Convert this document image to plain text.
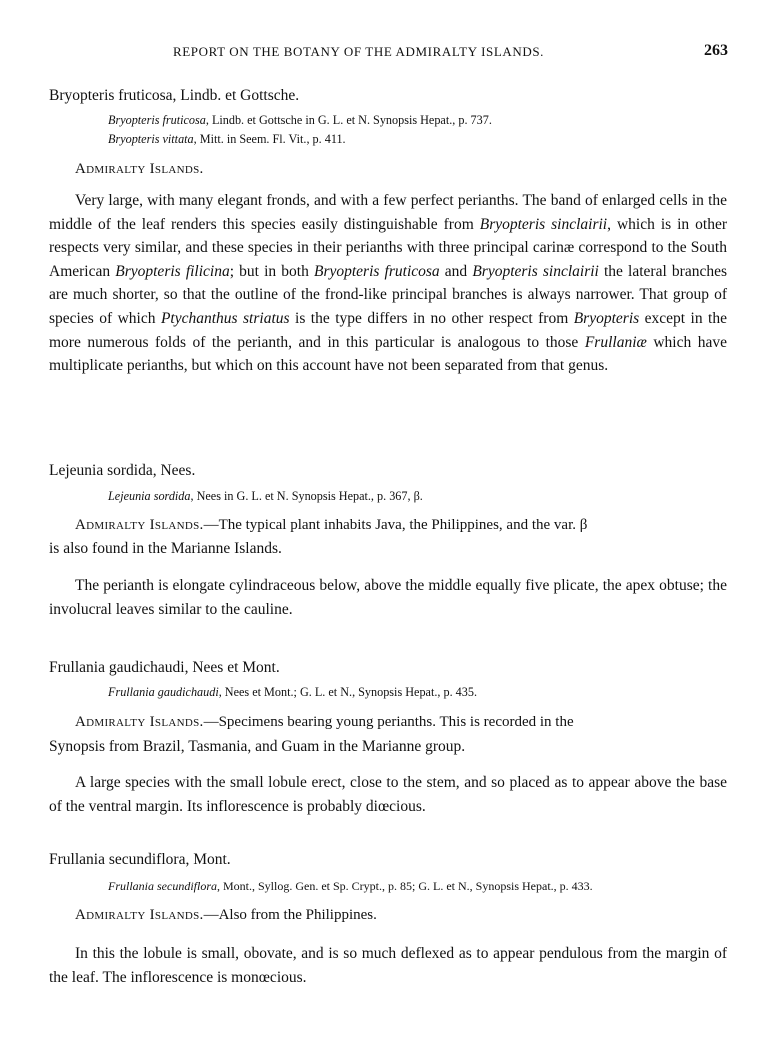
REPORT ON THE BOTANY OF THE ADMIRALTY ISLANDS.	263
Bryopteris fruticosa, Lindb. et Gottsche.
Bryopteris fruticosa, Lindb. et Gottsche in G. L. et N. Synopsis Hepat., p. 737.
Bryopteris vittata, Mitt. in Seem. Fl. Vit., p. 411.
Admiralty Islands.

Very large, with many elegant fronds, and with a few perfect perianths. The band of enlarged cells in the middle of the leaf renders this species easily distinguishable from Bryopteris sinclairii, which is in other respects very similar, and these species in their perianths with three principal carinæ correspond to the South American Bryopteris filicina; but in both Bryopteris fruticosa and Bryopteris sinclairii the lateral branches are much shorter, so that the outline of the frond-like principal branches is always narrower. That group of species of which Ptychanthus striatus is the type differs in no other respect from Bryopteris except in the more numerous folds of the perianth, and in this particular is analogous to those Frullaniæ which have multiplicate perianths, but which on this account have not been separated from that genus.

Lejeunia sordida, Nees.
Lejeunia sordida, Nees in G. L. et N. Synopsis Hepat., p. 367, β.
Admiralty Islands.—The typical plant inhabits Java, the Philippines, and the var. β
is also found in the Marianne Islands.

The perianth is elongate cylindraceous below, above the middle equally five plicate, the apex obtuse; the involucral leaves similar to the cauline.

Frullania gaudichaudi, Nees et Mont.
Frullania gaudichaudi, Nees et Mont.; G. L. et N., Synopsis Hepat., p. 435.
Admiralty Islands.—Specimens bearing young perianths. This is recorded in the
Synopsis from Brazil, Tasmania, and Guam in the Marianne group.

A large species with the small lobule erect, close to the stem, and so placed as to appear above the base of the ventral margin. Its inflorescence is probably diœcious.

Frullania secundiflora, Mont.
Frullania secundiflora, Mont., Syllog. Gen. et Sp. Crypt., p. 85; G. L. et N., Synopsis Hepat., p. 433.
Admiralty Islands.—Also from the Philippines.

In this the lobule is small, obovate, and is so much deflexed as to appear pendulous from the margin of the leaf. The inflorescence is monœcious.
